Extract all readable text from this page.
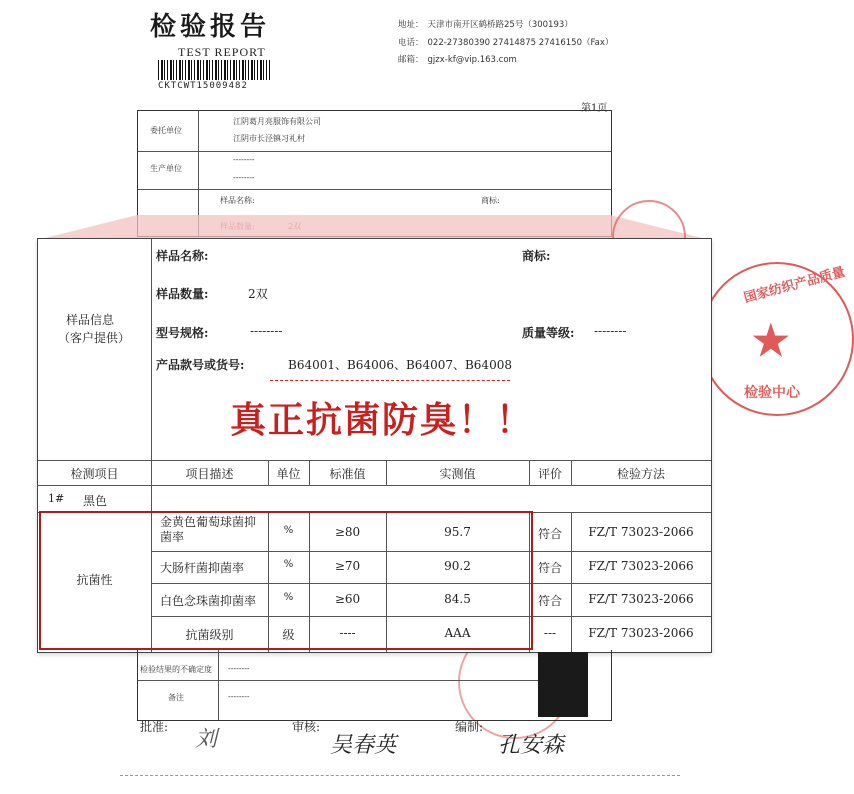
检验报告
TEST REPORT
CKTCWT15009482
地址： 天津市南开区鹤桥路25号（300193）
电话： 022-27380390 27414875 27416150（Fax）
邮箱： gjzx-kf@vip.163.com
第1页
委托单位
江阴葛月亮服饰有限公司
江阴市长泾镇习礼村
生产单位
--------
--------
样品名称:	商标:
国家纺织产品质量
★
检验中心
样品信息
（客户提供）
样品名称:	商标:
样品数量:	2双
型号规格:	--------	质量等级: --------
产品款号或货号:	B64001、B64006、B64007、B64008
检测项目	项目描述	单位	标准值	实测值	评价	检验方法
1# 黑色
抗菌性
金黄色葡萄球菌抑菌率	%	≥80	95.7	符合	FZ/T 73023-2066
大肠杆菌抑菌率	%	≥70	90.2	符合	FZ/T 73023-2066
白色念珠菌抑菌率	%	≥60	84.5	符合	FZ/T 73023-2066
抗菌级别	级	----	AAA	---	FZ/T 73023-2066
真正抗菌防臭！！
检验结果的不确定度 --------
备注	--------
批准: 刘	审核:
吴春英
编制:
孔安森
